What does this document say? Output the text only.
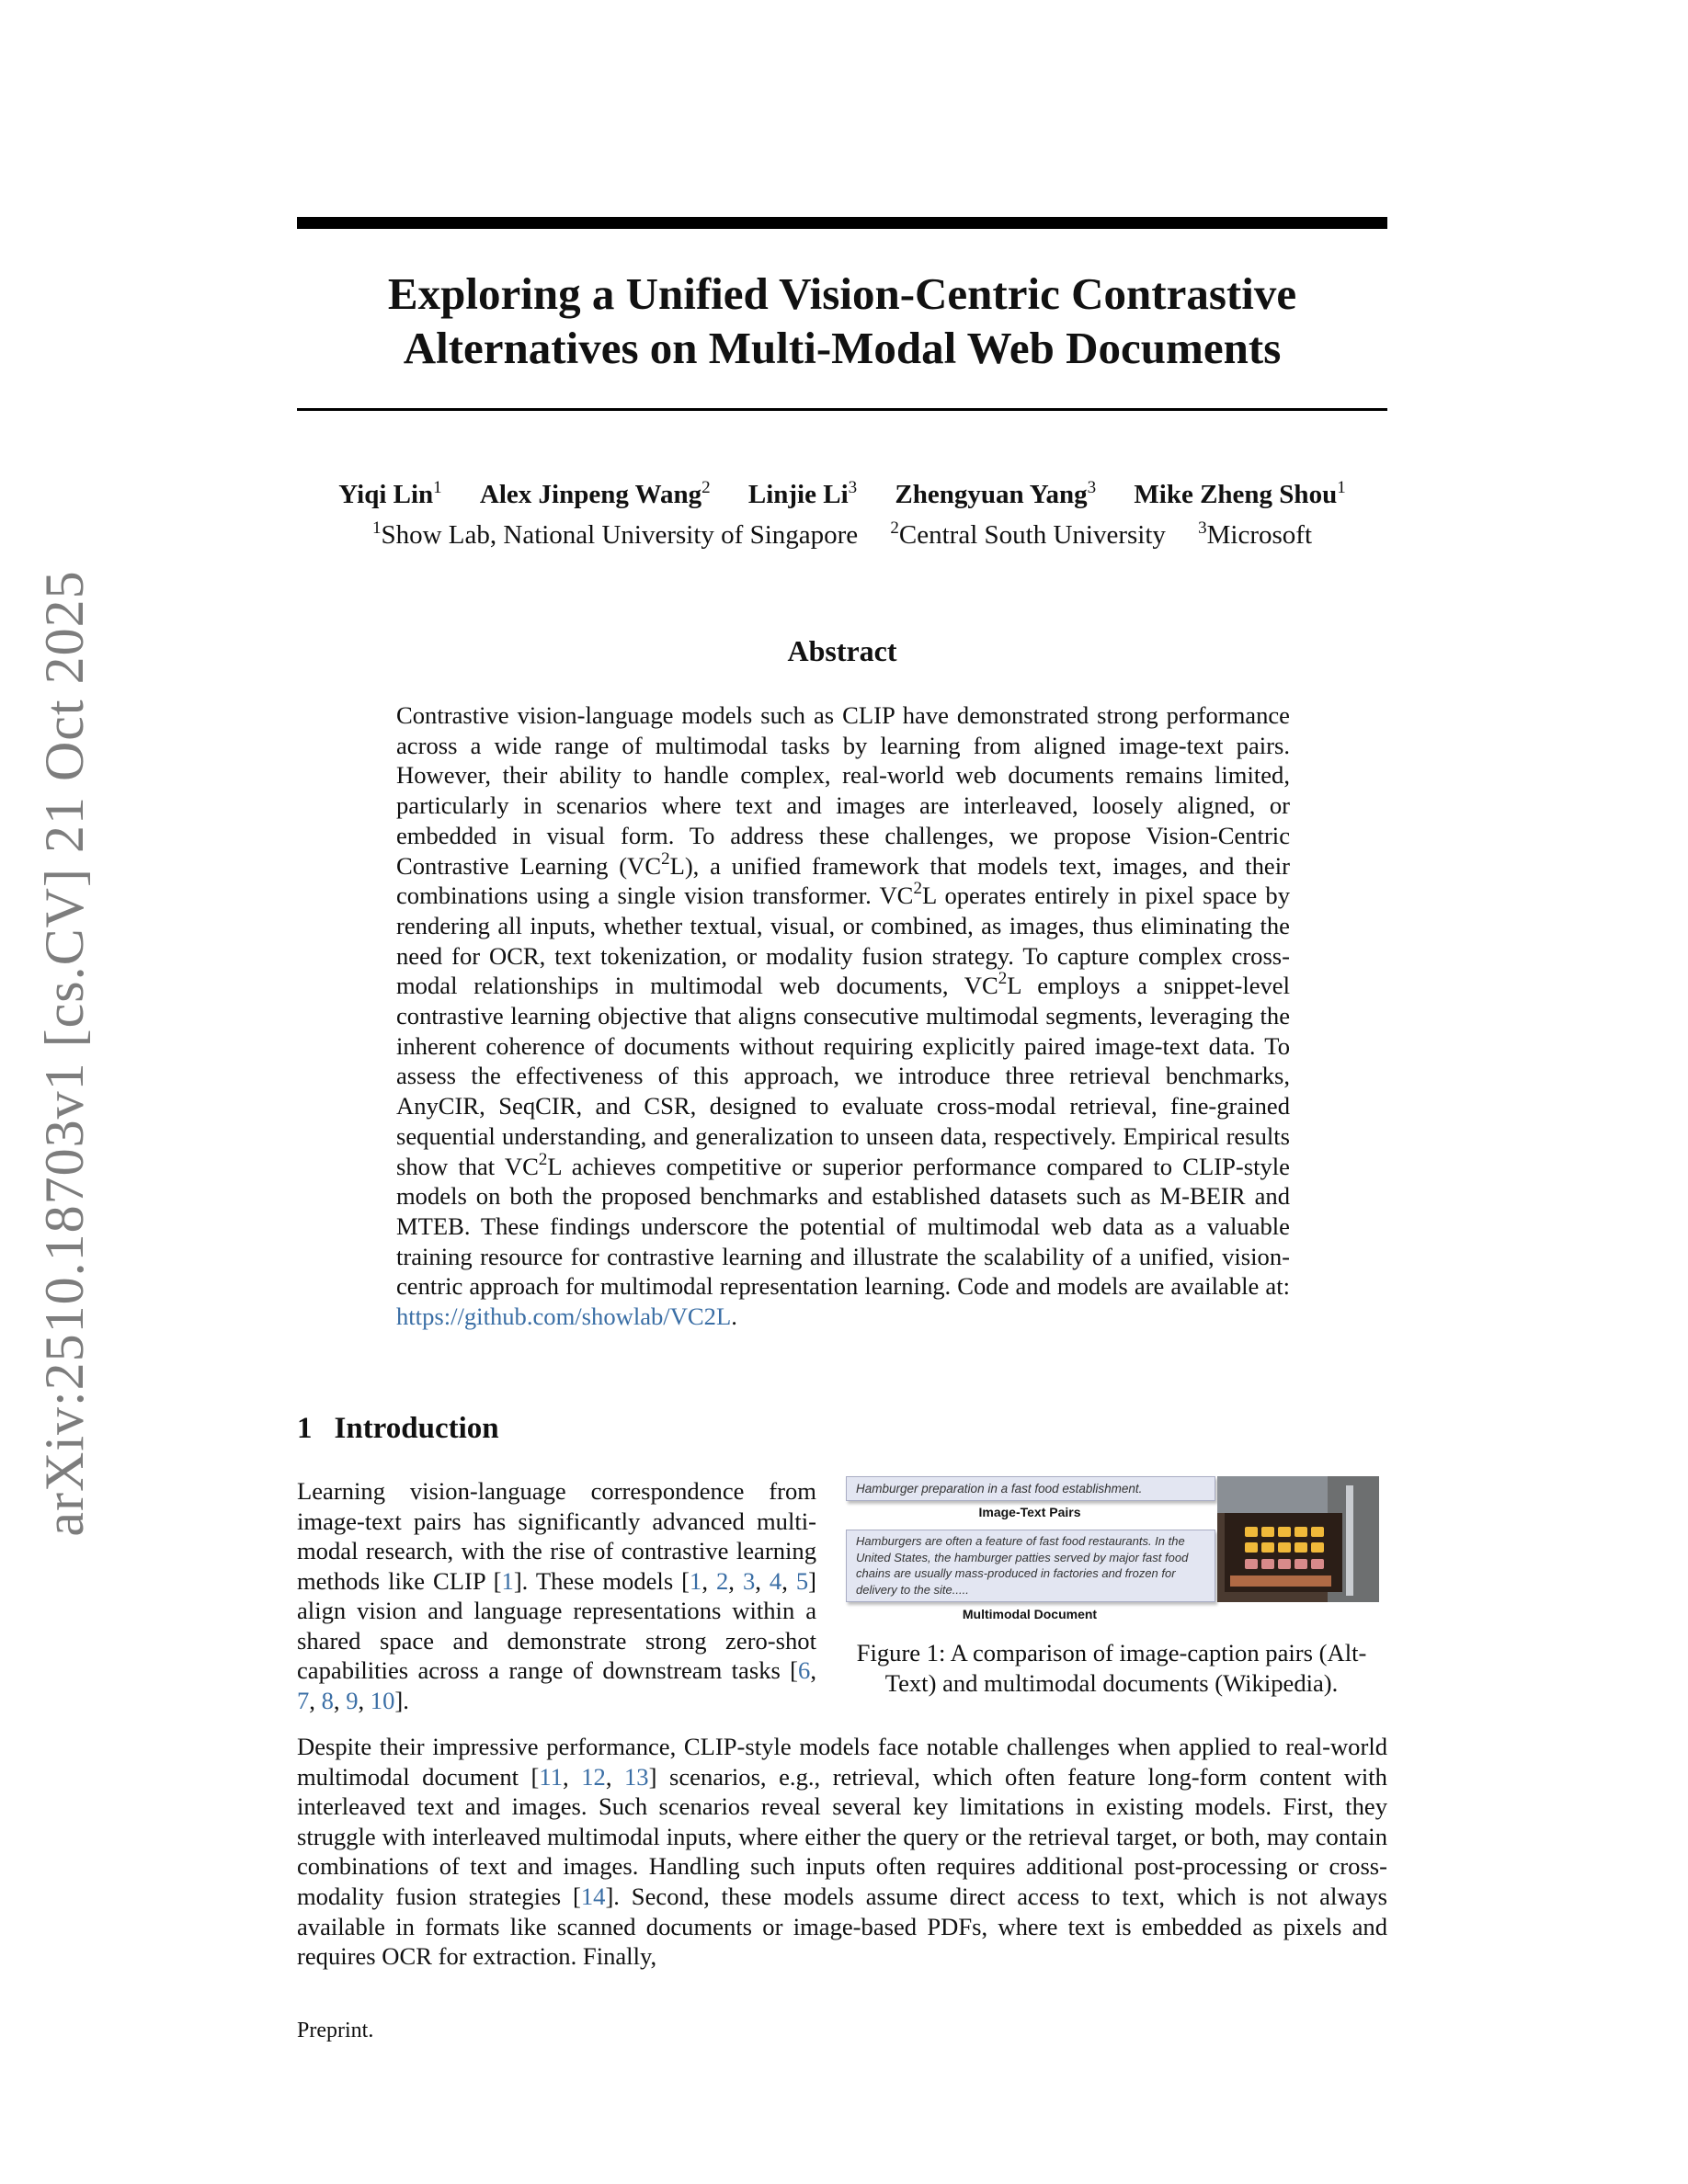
arXiv:2510.18703v1 [cs.CV] 21 Oct 2025
Exploring a Unified Vision-Centric Contrastive
Alternatives on Multi-Modal Web Documents
Yiqi Lin$^1$ Alex Jinpeng Wang$^2$ Linjie Li$^3$ Zhengyuan Yang$^3$ Mike Zheng Shou$^1$
$^1$Show Lab, National University of Singapore $^2$Central South University $^3$Microsoft
Abstract

Contrastive vision-language models such as CLIP have demonstrated strong performance across a wide range of multimodal tasks by learning from aligned image-text pairs. However, their ability to handle complex, real-world web documents remains limited, particularly in scenarios where text and images are interleaved, loosely aligned, or embedded in visual form. To address these challenges, we propose Vision-Centric Contrastive Learning $(VC^2L)$, a unified framework that models text, images, and their combinations using a single vision transformer. $VC^2L$ operates entirely in pixel space by rendering all inputs, whether textual, visual, or combined, as images, thus eliminating the need for OCR, text tokenization, or modality fusion strategy. To capture complex cross-modal relationships in multimodal web documents, $VC^2L$ employs a snippet-level contrastive learning objective that aligns consecutive multimodal segments, leveraging the inherent coherence of documents without requiring explicitly paired image-text data. To assess the effectiveness of this approach, we introduce three retrieval benchmarks, AnyCIR, SeqCIR, and CSR, designed to evaluate cross-modal retrieval, fine-grained sequential understanding, and generalization to unseen data, respectively. Empirical results show that $VC^2L$ achieves competitive or superior performance compared to CLIP-style models on both the proposed benchmarks and established datasets such as M-BEIR and MTEB. These findings underscore the potential of multimodal web data as a valuable training resource for contrastive learning and illustrate the scalability of a unified, vision-centric approach for multimodal representation learning. Code and models are available at: https://github.com/showlab/VC2L.

1 Introduction

Learning vision-language correspondence from image-text pairs has significantly advanced multi-modal research, with the rise of contrastive learning methods like CLIP [1]. These models [1, 2, 3, 4, 5] align vision and language representations within a shared space and demonstrate strong zero-shot capabilities across a range of downstream tasks [6, 7, 8, 9, 10].

Hamburger preparation in a fast food establishment.
Image-Text Pairs
Hamburgers are often a feature of fast food restaurants. In the United States, the hamburger patties served by major fast food chains are usually mass-produced in factories and frozen for delivery to the site.....
Multimodal Document

Figure 1: A comparison of image-caption pairs (Alt-Text) and multimodal documents (Wikipedia).

Despite their impressive performance, CLIP-style models face notable challenges when applied to real-world multimodal document [11, 12, 13] scenarios, e.g., retrieval, which often feature long-form content with interleaved text and images. Such scenarios reveal several key limitations in existing models. First, they struggle with interleaved multimodal inputs, where either the query or the retrieval target, or both, may contain combinations of text and images. Handling such inputs often requires additional post-processing or cross-modality fusion strategies [14]. Second, these models assume direct access to text, which is not always available in formats like scanned documents or image-based PDFs, where text is embedded as pixels and requires OCR for extraction. Finally,

Preprint.
